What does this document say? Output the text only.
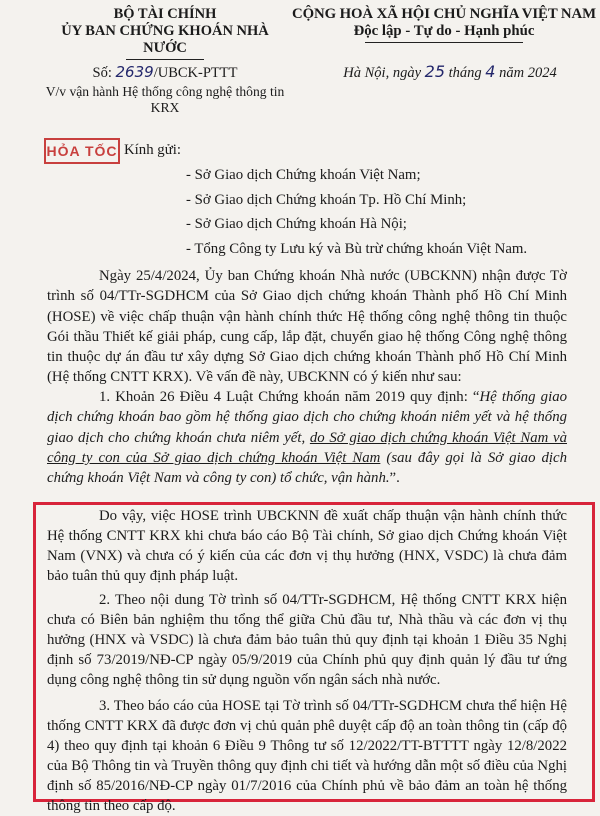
BỘ TÀI CHÍNH
ỦY BAN CHỨNG KHOÁN NHÀ NƯỚC
CỘNG HOÀ XÃ HỘI CHỦ NGHĨA VIỆT NAM
Độc lập - Tự do - Hạnh phúc
Số: 2639/UBCK-PTTT
V/v vận hành Hệ thống công nghệ thông tin KRX
Hà Nội, ngày 25 tháng 4 năm 2024
HỎA TỐC Kính gửi:
- Sở Giao dịch Chứng khoán Việt Nam;
- Sở Giao dịch Chứng khoán Tp. Hồ Chí Minh;
- Sở Giao dịch Chứng khoán Hà Nội;
- Tổng Công ty Lưu ký và Bù trừ chứng khoán Việt Nam.
Ngày 25/4/2024, Ủy ban Chứng khoán Nhà nước (UBCKNN) nhận được Tờ trình số 04/TTr-SGDHCM của Sở Giao dịch chứng khoán Thành phố Hồ Chí Minh (HOSE) về việc chấp thuận vận hành chính thức Hệ thống công nghệ thông tin thuộc Gói thầu Thiết kế giải pháp, cung cấp, lắp đặt, chuyển giao hệ thống Công nghệ thông tin thuộc dự án đầu tư xây dựng Sở Giao dịch chứng khoán Thành phố Hồ Chí Minh (Hệ thống CNTT KRX). Về vấn đề này, UBCKNN có ý kiến như sau:
1. Khoản 26 Điều 4 Luật Chứng khoán năm 2019 quy định: “Hệ thống giao dịch chứng khoán bao gồm hệ thống giao dịch cho chứng khoán niêm yết và hệ thống giao dịch cho chứng khoán chưa niêm yết, do Sở giao dịch chứng khoán Việt Nam và công ty con của Sở giao dịch chứng khoán Việt Nam (sau đây gọi là Sở giao dịch chứng khoán Việt Nam và công ty con) tổ chức, vận hành.”.
Do vậy, việc HOSE trình UBCKNN đề xuất chấp thuận vận hành chính thức Hệ thống CNTT KRX khi chưa báo cáo Bộ Tài chính, Sở giao dịch Chứng khoán Việt Nam (VNX) và chưa có ý kiến của các đơn vị thụ hưởng (HNX, VSDC) là chưa đảm bảo tuân thủ quy định pháp luật.
2. Theo nội dung Tờ trình số 04/TTr-SGDHCM, Hệ thống CNTT KRX hiện chưa có Biên bản nghiệm thu tổng thể giữa Chủ đầu tư, Nhà thầu và các đơn vị thụ hưởng (HNX và VSDC) là chưa đảm bảo tuân thủ quy định tại khoản 1 Điều 35 Nghị định số 73/2019/NĐ-CP ngày 05/9/2019 của Chính phủ quy định quản lý đầu tư ứng dụng công nghệ thông tin sử dụng nguồn vốn ngân sách nhà nước.
3. Theo báo cáo của HOSE tại Tờ trình số 04/TTr-SGDHCM chưa thể hiện Hệ thống CNTT KRX đã được đơn vị chủ quản phê duyệt cấp độ an toàn thông tin (cấp độ 4) theo quy định tại khoản 6 Điều 9 Thông tư số 12/2022/TT-BTTTT ngày 12/8/2022 của Bộ Thông tin và Truyền thông quy định chi tiết và hướng dẫn một số điều của Nghị định số 85/2016/NĐ-CP ngày 01/7/2016 của Chính phủ về bảo đảm an toàn hệ thống thông tin theo cấp độ.
